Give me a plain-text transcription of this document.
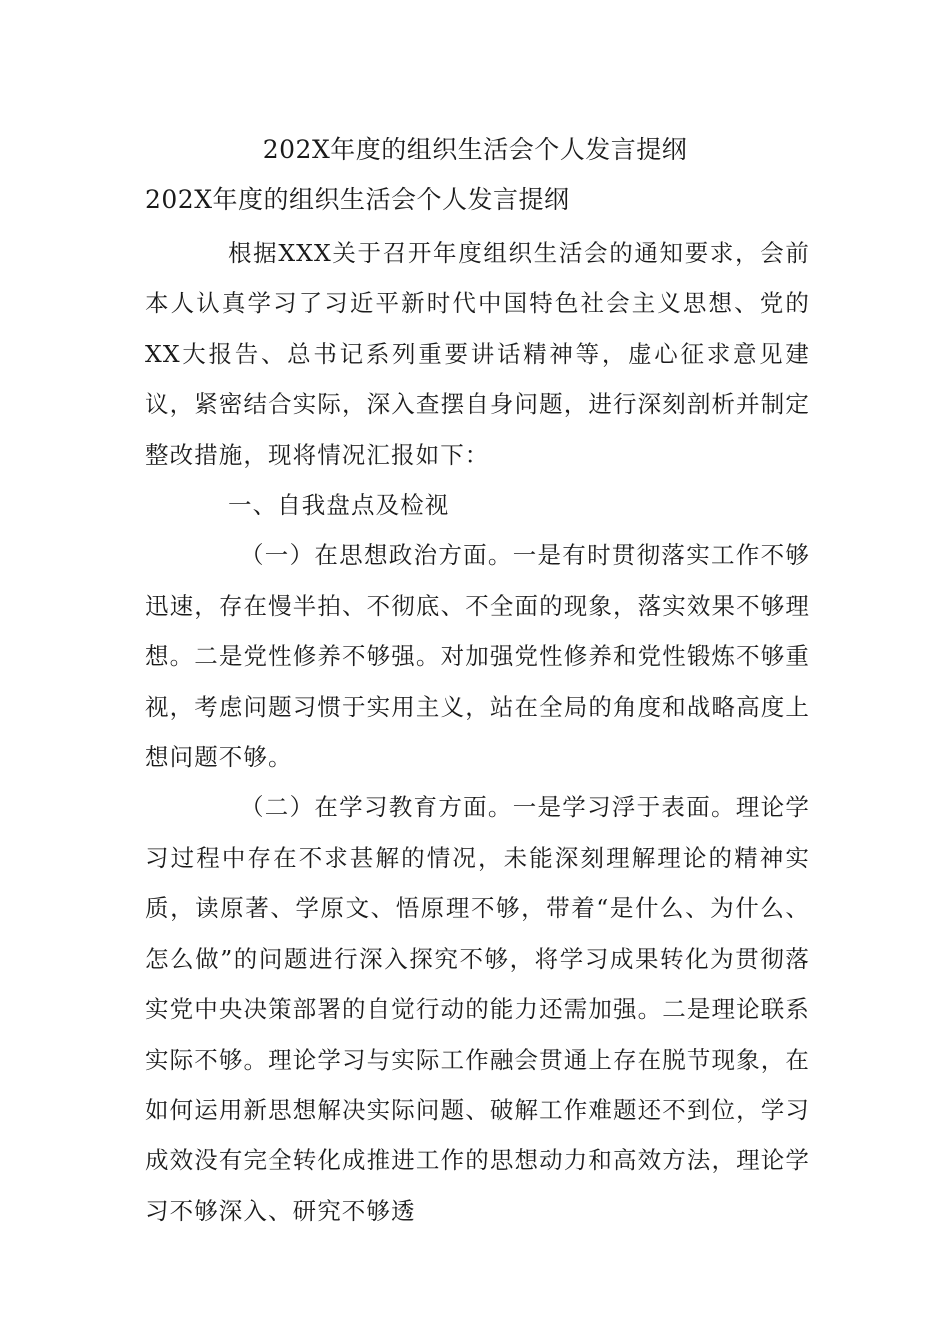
202X年度的组织生活会个人发言提纲
202X年度的组织生活会个人发言提纲

根据XXX关于召开年度组织生活会的通知要求，会前本人认真学习了习近平新时代中国特色社会主义思想、党的XX大报告、总书记系列重要讲话精神等，虚心征求意见建议，紧密结合实际，深入查摆自身问题，进行深刻剖析并制定整改措施，现将情况汇报如下：

一、自我盘点及检视

（一）在思想政治方面。一是有时贯彻落实工作不够迅速，存在慢半拍、不彻底、不全面的现象，落实效果不够理想。二是党性修养不够强。对加强党性修养和党性锻炼不够重视，考虑问题习惯于实用主义，站在全局的角度和战略高度上想问题不够。

（二）在学习教育方面。一是学习浮于表面。理论学习过程中存在不求甚解的情况，未能深刻理解理论的精神实质，读原著、学原文、悟原理不够，带着“是什么、为什么、怎么做”的问题进行深入探究不够，将学习成果转化为贯彻落实党中央决策部署的自觉行动的能力还需加强。二是理论联系实际不够。理论学习与实际工作融会贯通上存在脱节现象，在如何运用新思想解决实际问题、破解工作难题还不到位，学习成效没有完全转化成推进工作的思想动力和高效方法，理论学习不够深入、研究不够透
